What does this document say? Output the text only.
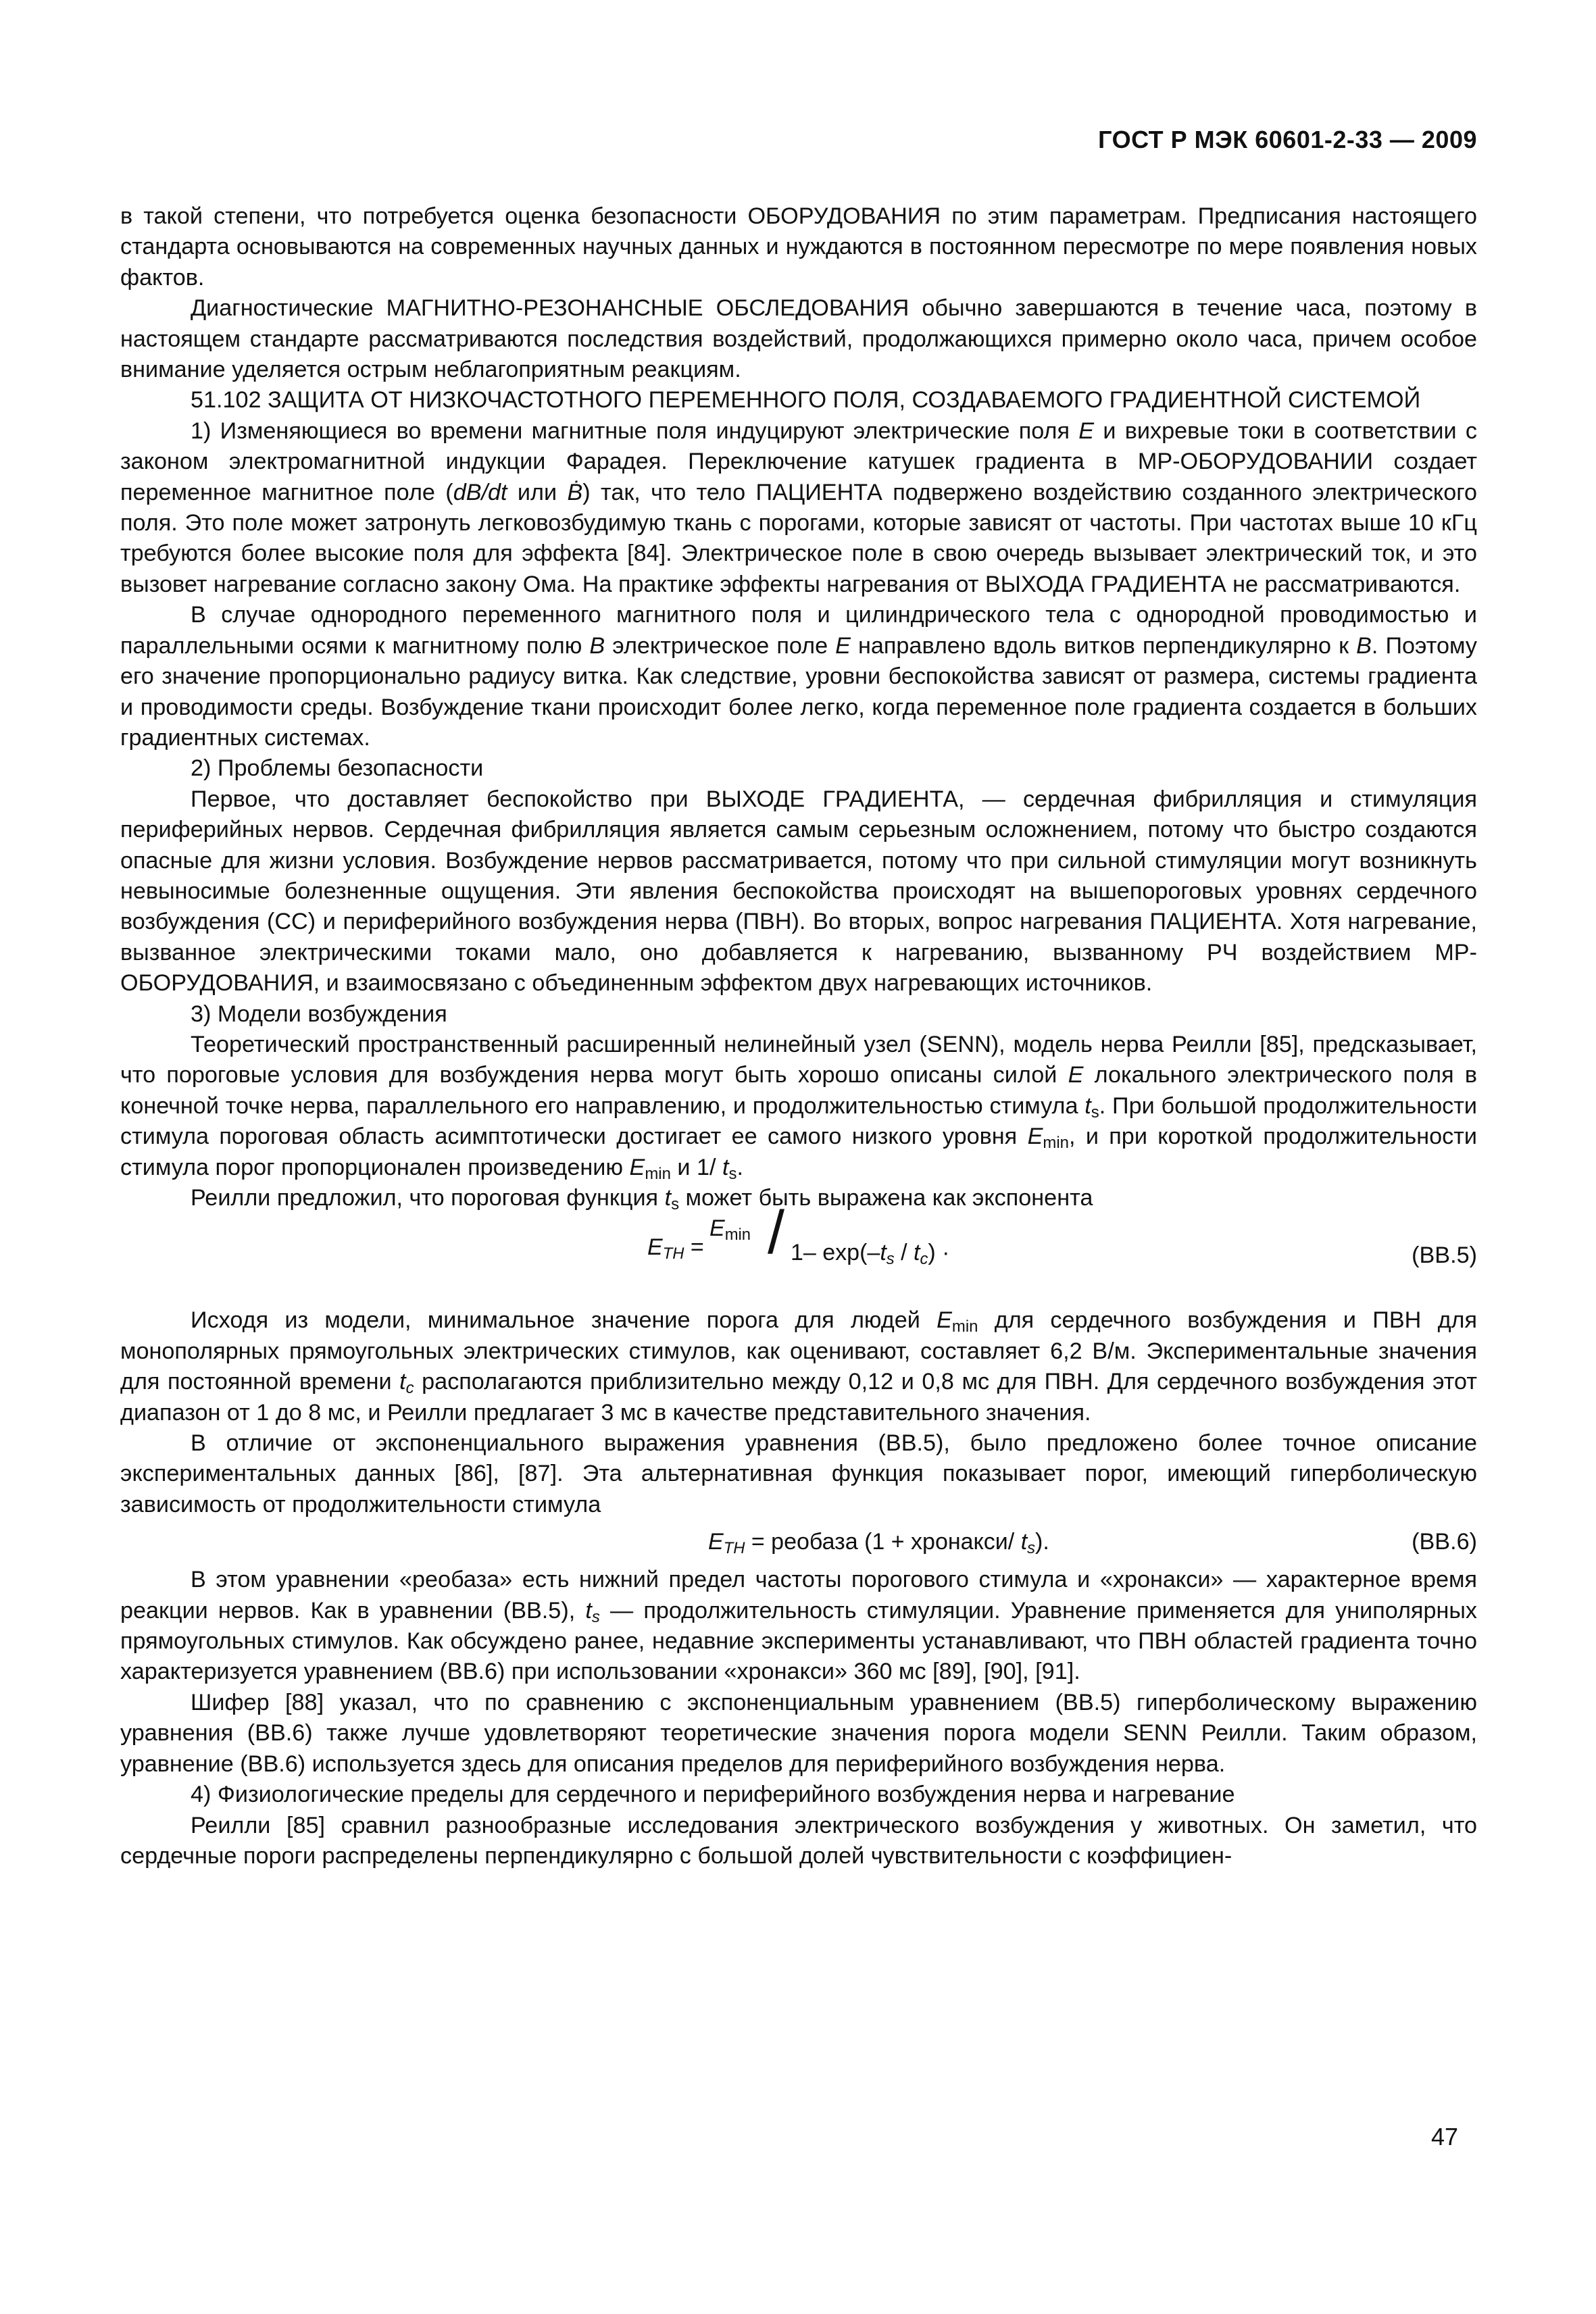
ГОСТ Р МЭК 60601-2-33 — 2009

в такой степени, что потребуется оценка безопасности ОБОРУДОВАНИЯ по этим параметрам. Предписания настоящего стандарта основываются на современных научных данных и нуждаются в постоянном пересмотре по мере появления новых фактов.

Диагностические МАГНИТНО-РЕЗОНАНСНЫЕ ОБСЛЕДОВАНИЯ обычно завершаются в течение часа, поэтому в настоящем стандарте рассматриваются последствия воздействий, продолжающихся примерно около часа, причем особое внимание уделяется острым неблагоприятным реакциям.

51.102 ЗАЩИТА ОТ НИЗКОЧАСТОТНОГО ПЕРЕМЕННОГО ПОЛЯ, СОЗДАВАЕМОГО ГРАДИЕНТНОЙ СИСТЕМОЙ

1) Изменяющиеся во времени магнитные поля индуцируют электрические поля E и вихревые токи в соответствии с законом электромагнитной индукции Фарадея. Переключение катушек градиента в МР-ОБОРУДОВАНИИ создает переменное магнитное поле (dB/dt или Ḃ) так, что тело ПАЦИЕНТА подвержено воздействию созданного электрического поля. Это поле может затронуть легковозбудимую ткань с порогами, которые зависят от частоты. При частотах выше 10 кГц требуются более высокие поля для эффекта [84]. Электрическое поле в свою очередь вызывает электрический ток, и это вызовет нагревание согласно закону Ома. На практике эффекты нагревания от ВЫХОДА ГРАДИЕНТА не рассматриваются.

В случае однородного переменного магнитного поля и цилиндрического тела с однородной проводимостью и параллельными осями к магнитному полю B электрическое поле E направлено вдоль витков перпендикулярно к B. Поэтому его значение пропорционально радиусу витка. Как следствие, уровни беспокойства зависят от размера, системы градиента и проводимости среды. Возбуждение ткани происходит более легко, когда переменное поле градиента создается в больших градиентных системах.

2) Проблемы безопасности

Первое, что доставляет беспокойство при ВЫХОДЕ ГРАДИЕНТА, — сердечная фибрилляция и стимуляция периферийных нервов. Сердечная фибрилляция является самым серьезным осложнением, потому что быстро создаются опасные для жизни условия. Возбуждение нервов рассматривается, потому что при сильной стимуляции могут возникнуть невыносимые болезненные ощущения. Эти явления беспокойства происходят на вышепороговых уровнях сердечного возбуждения (СС) и периферийного возбуждения нерва (ПВН). Во вторых, вопрос нагревания ПАЦИЕНТА. Хотя нагревание, вызванное электрическими токами мало, оно добавляется к нагреванию, вызванному РЧ воздействием МР-ОБОРУДОВАНИЯ, и взаимосвязано с объединенным эффектом двух нагревающих источников.

3) Модели возбуждения

Теоретический пространственный расширенный нелинейный узел (SENN), модель нерва Реилли [85], предсказывает, что пороговые условия для возбуждения нерва могут быть хорошо описаны силой E локального электрического поля в конечной точке нерва, параллельного его направлению, и продолжительностью стимула $t_s$. При большой продолжительности стимула пороговая область асимптотически достигает ее самого низкого уровня $E_{min}$, и при короткой продолжительности стимула порог пропорционален произведению $E_{min}$ и 1/ $t_s$.

Реилли предложил, что пороговая функция $t_s$ может быть выражена как экспонента

$E_{TH}$ =
$E_{min} / 1-$ $\exp(-t_s / t_c)$ ·	(ВВ.5)

Исходя из модели, минимальное значение порога для людей $E_{min}$ для сердечного возбуждения и ПВН для монополярных прямоугольных электрических стимулов, как оценивают, составляет 6,2 В/м. Экспериментальные значения для постоянной времени $t_c$ располагаются приблизительно между 0,12 и 0,8 мс для ПВН. Для сердечного возбуждения этот диапазон от 1 до 8 мс, и Реилли предлагает 3 мс в качестве представительного значения.

В отличие от экспоненциального выражения уравнения (ВВ.5), было предложено более точное описание экспериментальных данных [86], [87]. Эта альтернативная функция показывает порог, имеющий гиперболическую зависимость от продолжительности стимула

$E_{TH}$ = реобаза (1 + хронакси/ $t_s$).	(ВВ.6)

В этом уравнении «реобаза» есть нижний предел частоты порогового стимула и «хронакси» — характерное время реакции нервов. Как в уравнении (ВВ.5), $t_s$ — продолжительность стимуляции. Уравнение применяется для униполярных прямоугольных стимулов. Как обсуждено ранее, недавние эксперименты устанавливают, что ПВН областей градиента точно характеризуется уравнением (ВВ.6) при использовании «хронакси» 360 мс [89], [90], [91].

Шифер [88] указал, что по сравнению с экспоненциальным уравнением (ВВ.5) гиперболическому выражению уравнения (ВВ.6) также лучше удовлетворяют теоретические значения порога модели SENN Реилли. Таким образом, уравнение (ВВ.6) используется здесь для описания пределов для периферийного возбуждения нерва.

4) Физиологические пределы для сердечного и периферийного возбуждения нерва и нагревание

Реилли [85] сравнил разнообразные исследования электрического возбуждения у животных. Он заметил, что сердечные пороги распределены перпендикулярно с большой долей чувствительности с коэффициен-

47
